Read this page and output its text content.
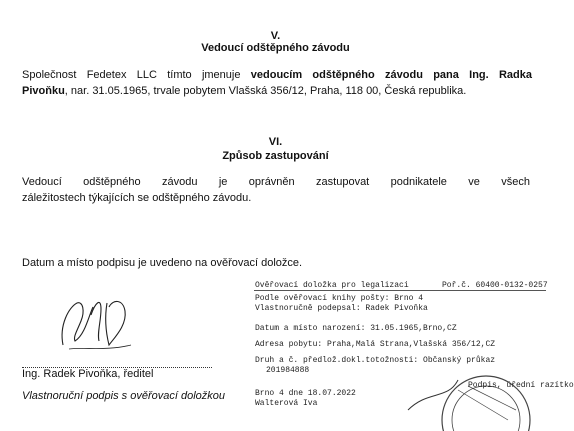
V.
Vedoucí odštěpného závodu
Společnost Fedetex LLC tímto jmenuje vedoucím odštěpného závodu pana Ing. Radka
Pivoňku, nar. 31.05.1965, trvale pobytem Vlašská 356/12, Praha, 118 00, Česká republika.
VI.
Způsob zastupování
Vedoucí odštěpného závodu je oprávněn zastupovat podnikatele ve všech
záležitostech týkajících se odštěpného závodu.
Datum a místo podpisu je uvedeno na ověřovací doložce.
Ing. Radek Pivoňka, ředitel
Vlastnoruční podpis s ověřovací doložkou
Ověřovací doložka pro legalizaci	Poř.č. 60400-0132-0257
Podle ověřovací knihy pošty: Brno 4
Vlastnoručně podepsal: Radek Pivoňka
Datum a místo narození: 31.05.1965,Brno,CZ
Adresa pobytu: Praha,Malá Strana,Vlašská 356/12,CZ
Druh a č. předlož.dokl.totožnosti: Občanský průkaz
201984888
Brno 4 dne 18.07.2022
Walterová Iva
Podpis, úřední razítko
